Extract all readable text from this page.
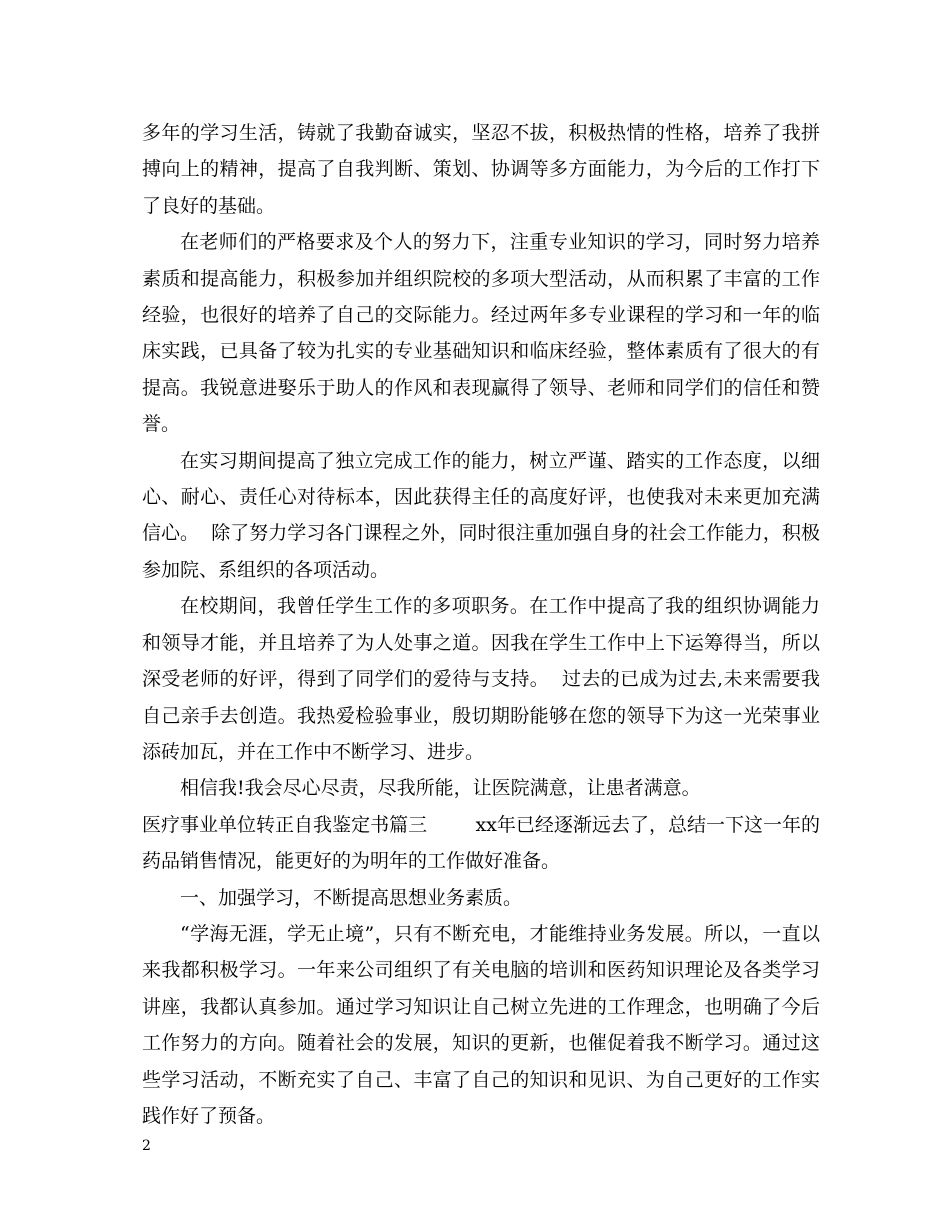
多年的学习生活，铸就了我勤奋诚实，坚忍不拔，积极热情的性格，培养了我拼搏向上的精神，提高了自我判断、策划、协调等多方面能力，为今后的工作打下了良好的基础。

在老师们的严格要求及个人的努力下，注重专业知识的学习，同时努力培养素质和提高能力，积极参加并组织院校的多项大型活动，从而积累了丰富的工作经验，也很好的培养了自己的交际能力。经过两年多专业课程的学习和一年的临床实践，已具备了较为扎实的专业基础知识和临床经验，整体素质有了很大的有提高。我锐意进娶乐于助人的作风和表现赢得了领导、老师和同学们的信任和赞誉。

在实习期间提高了独立完成工作的能力，树立严谨、踏实的工作态度，以细心、耐心、责任心对待标本，因此获得主任的高度好评，也使我对未来更加充满信心。  除了努力学习各门课程之外，同时很注重加强自身的社会工作能力，积极参加院、系组织的各项活动。

在校期间，我曾任学生工作的多项职务。在工作中提高了我的组织协调能力和领导才能，并且培养了为人处事之道。因我在学生工作中上下运筹得当，所以深受老师的好评，得到了同学们的爱待与支持。  过去的已成为过去,未来需要我自己亲手去创造。我热爱检验事业，殷切期盼能够在您的领导下为这一光荣事业添砖加瓦，并在工作中不断学习、进步。

相信我!我会尽心尽责，尽我所能，让医院满意，让患者满意。

医疗事业单位转正自我鉴定书篇三        xx年已经逐渐远去了，总结一下这一年的药品销售情况，能更好的为明年的工作做好准备。

一、加强学习，不断提高思想业务素质。

“学海无涯，学无止境”，只有不断充电，才能维持业务发展。所以，一直以来我都积极学习。一年来公司组织了有关电脑的培训和医药知识理论及各类学习讲座，我都认真参加。通过学习知识让自己树立先进的工作理念，也明确了今后工作努力的方向。随着社会的发展，知识的更新，也催促着我不断学习。通过这些学习活动，不断充实了自己、丰富了自己的知识和见识、为自己更好的工作实践作好了预备。

2
